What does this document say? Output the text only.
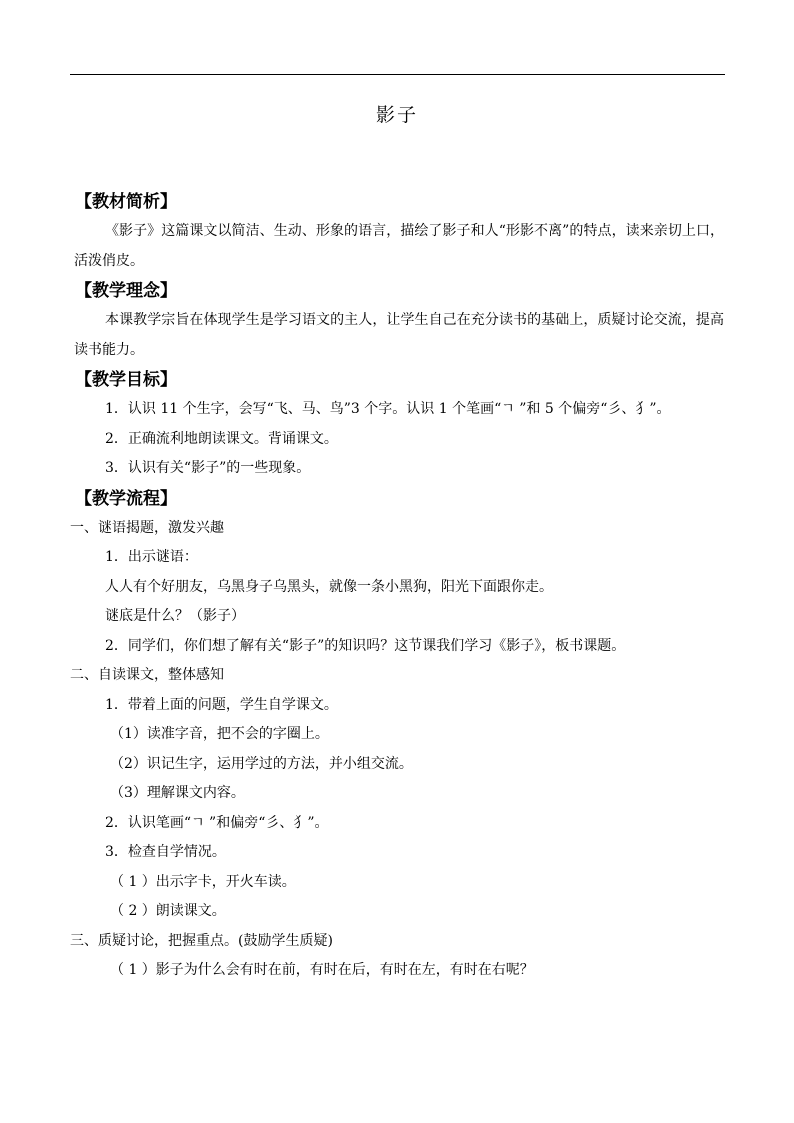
影子
【教材简析】
《影子》这篇课文以简洁、生动、形象的语言，描绘了影子和人“形影不离”的特点，读来亲切上口，活泼俏皮。
【教学理念】
本课教学宗旨在体现学生是学习语文的主人，让学生自己在充分读书的基础上，质疑讨论交流，提高读书能力。
【教学目标】
1．认识 11 个生字，会写“飞、马、鸟”3 个字。认识 1 个笔画“ㄱ ”和 5 个偏旁“彡、犭”。
2．正确流利地朗读课文。背诵课文。
3．认识有关“影子”的一些现象。
【教学流程】
一、谜语揭题，激发兴趣
1．出示谜语：
人人有个好朋友，乌黑身子乌黑头，就像一条小黑狗，阳光下面跟你走。
谜底是什么？（影子）
2．同学们，你们想了解有关“影子”的知识吗？这节课我们学习《影子》，板书课题。
二、自读课文，整体感知
1．带着上面的问题，学生自学课文。
（1）读准字音，把不会的字圈上。
（2）识记生字，运用学过的方法，并小组交流。
（3）理解课文内容。
2．认识笔画“ㄱ ”和偏旁“彡、犭”。
3．检查自学情况。
（ 1 ）出示字卡，开火车读。
（ 2 ）朗读课文。
三、质疑讨论，把握重点。(鼓励学生质疑)
（ 1 ）影子为什么会有时在前，有时在后，有时在左，有时在右呢？
